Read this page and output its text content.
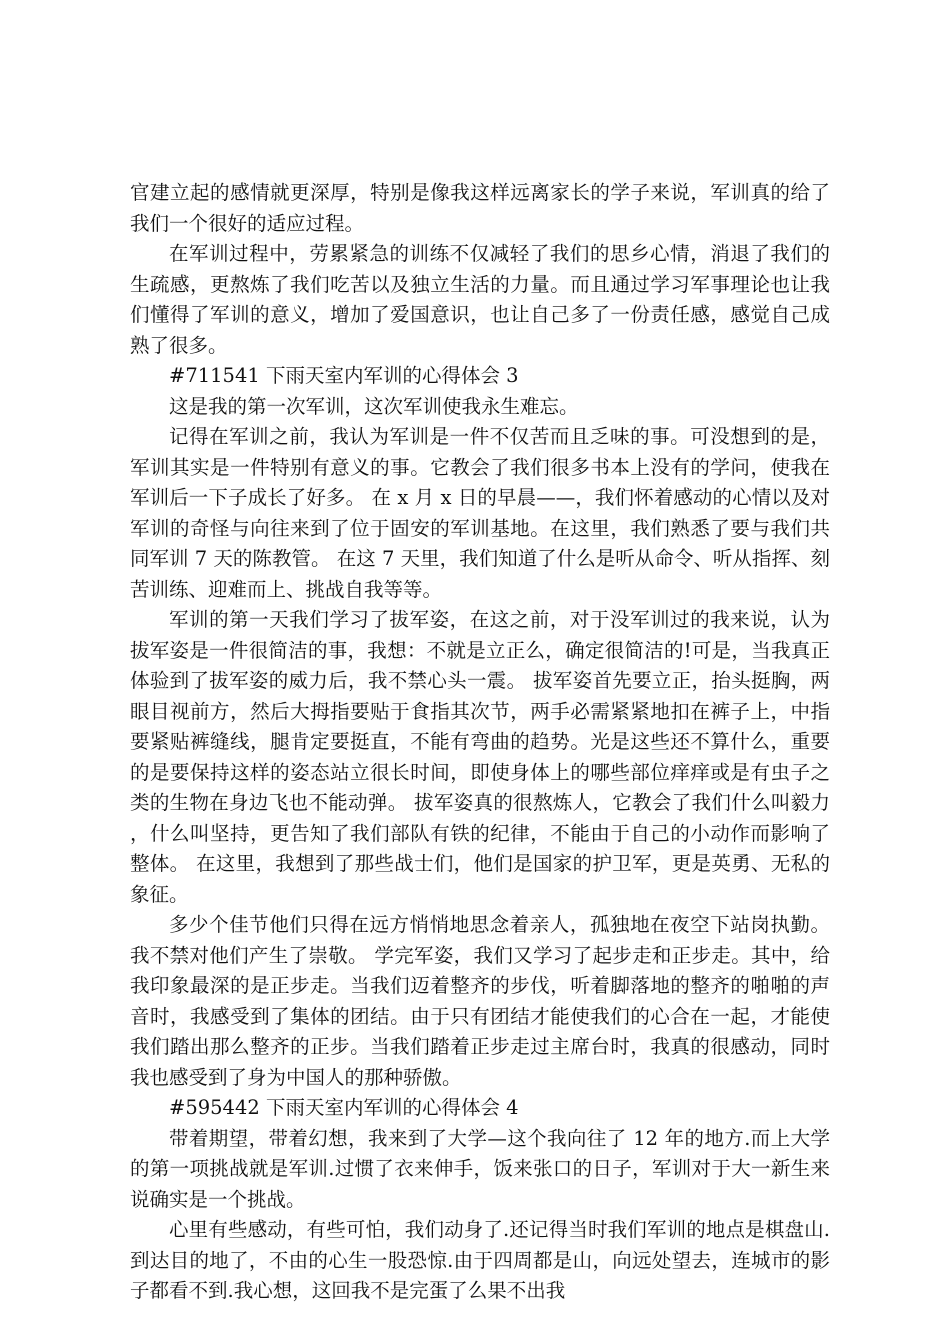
官建立起的感情就更深厚，特别是像我这样远离家长的学子来说，军训真的给了我们一个很好的适应过程。

在军训过程中，劳累紧急的训练不仅减轻了我们的思乡心情，消退了我们的生疏感，更熬炼了我们吃苦以及独立生活的力量。而且通过学习军事理论也让我们懂得了军训的意义，增加了爱国意识，也让自己多了一份责任感，感觉自己成熟了很多。

#711541 下雨天室内军训的心得体会 3

这是我的第一次军训，这次军训使我永生难忘。

记得在军训之前，我认为军训是一件不仅苦而且乏味的事。可没想到的是，军训其实是一件特别有意义的事。它教会了我们很多书本上没有的学问，使我在军训后一下子成长了好多。 在 x 月 x 日的早晨——，我们怀着感动的心情以及对军训的奇怪与向往来到了位于固安的军训基地。在这里，我们熟悉了要与我们共同军训 7 天的陈教管。 在这 7 天里，我们知道了什么是听从命令、听从指挥、刻苦训练、迎难而上、挑战自我等等。

军训的第一天我们学习了拔军姿，在这之前，对于没军训过的我来说，认为拔军姿是一件很简洁的事，我想：不就是立正么，确定很简洁的!可是，当我真正体验到了拔军姿的威力后，我不禁心头一震。 拔军姿首先要立正，抬头挺胸，两眼目视前方，然后大拇指要贴于食指其次节，两手必需紧紧地扣在裤子上，中指要紧贴裤缝线，腿肯定要挺直，不能有弯曲的趋势。光是这些还不算什么，重要的是要保持这样的姿态站立很长时间，即使身体上的哪些部位痒痒或是有虫子之类的生物在身边飞也不能动弹。 拔军姿真的很熬炼人，它教会了我们什么叫毅力，什么叫坚持，更告知了我们部队有铁的纪律，不能由于自己的小动作而影响了整体。 在这里，我想到了那些战士们，他们是国家的护卫军，更是英勇、无私的象征。

多少个佳节他们只得在远方悄悄地思念着亲人，孤独地在夜空下站岗执勤。我不禁对他们产生了崇敬。 学完军姿，我们又学习了起步走和正步走。其中，给我印象最深的是正步走。当我们迈着整齐的步伐，听着脚落地的整齐的啪啪的声音时，我感受到了集体的团结。由于只有团结才能使我们的心合在一起，才能使我们踏出那么整齐的正步。当我们踏着正步走过主席台时，我真的很感动，同时我也感受到了身为中国人的那种骄傲。

#595442 下雨天室内军训的心得体会 4

带着期望，带着幻想，我来到了大学—这个我向往了 12 年的地方.而上大学的第一项挑战就是军训.过惯了衣来伸手，饭来张口的日子，军训对于大一新生来说确实是一个挑战。

心里有些感动，有些可怕，我们动身了.还记得当时我们军训的地点是棋盘山.到达目的地了，不由的心生一股恐惊.由于四周都是山，向远处望去，连城市的影子都看不到.我心想，这回我不是完蛋了么果不出我
